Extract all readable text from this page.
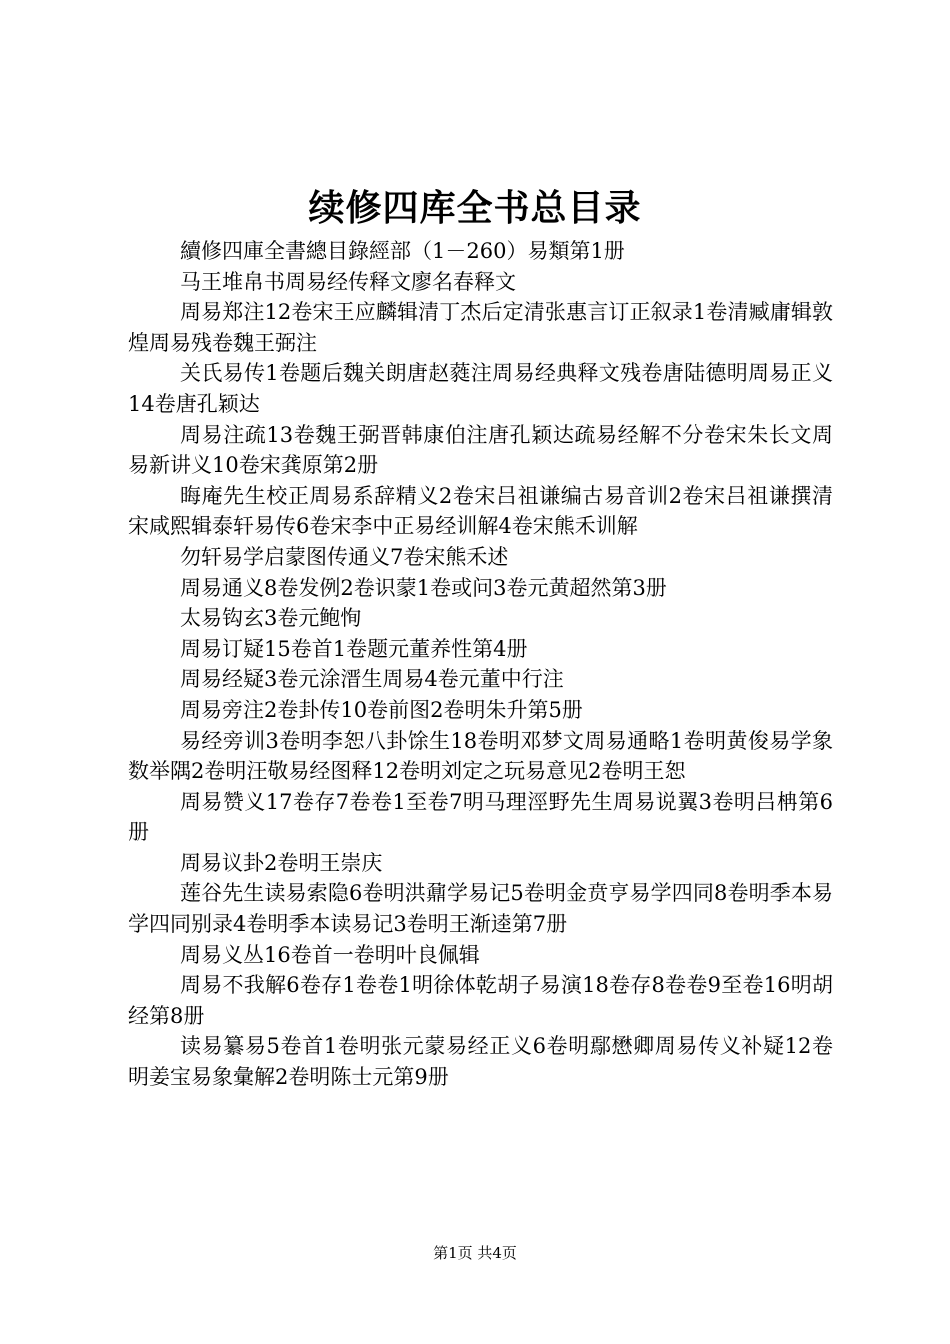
续修四库全书总目录

續修四庫全書總目錄經部（1－260）易類第1册

马王堆帛书周易经传释文廖名春释文

周易郑注12卷宋王应麟辑清丁杰后定清张惠言订正叙录1卷清臧庸辑敦煌周易残卷魏王弼注

关氏易传1卷题后魏关朗唐赵蕤注周易经典释文残卷唐陆德明周易正义14卷唐孔颖达

周易注疏13卷魏王弼晋韩康伯注唐孔颖达疏易经解不分卷宋朱长文周易新讲义10卷宋龚原第2册

晦庵先生校正周易系辞精义2卷宋吕祖谦编古易音训2卷宋吕祖谦撰清宋咸熙辑泰轩易传6卷宋李中正易经训解4卷宋熊禾训解

勿轩易学启蒙图传通义7卷宋熊禾述

周易通义8卷发例2卷识蒙1卷或问3卷元黄超然第3册

太易钩玄3卷元鲍恂

周易订疑15卷首1卷题元董养性第4册

周易经疑3卷元涂溍生周易4卷元董中行注

周易旁注2卷卦传10卷前图2卷明朱升第5册

易经旁训3卷明李恕八卦馀生18卷明邓梦文周易通略1卷明黄俊易学象数举隅2卷明汪敬易经图释12卷明刘定之玩易意见2卷明王恕

周易赞义17卷存7卷卷1至卷7明马理涇野先生周易说翼3卷明吕柟第6册

周易议卦2卷明王崇庆

莲谷先生读易索隐6卷明洪鼐学易记5卷明金贲亨易学四同8卷明季本易学四同别录4卷明季本读易记3卷明王渐逵第7册

周易义丛16卷首一卷明叶良佩辑

周易不我解6卷存1卷卷1明徐体乾胡子易演18卷存8卷卷9至卷16明胡经第8册

读易纂易5卷首1卷明张元蒙易经正义6卷明鄢懋卿周易传义补疑12卷明姜宝易象彙解2卷明陈士元第9册

第1页 共4页
